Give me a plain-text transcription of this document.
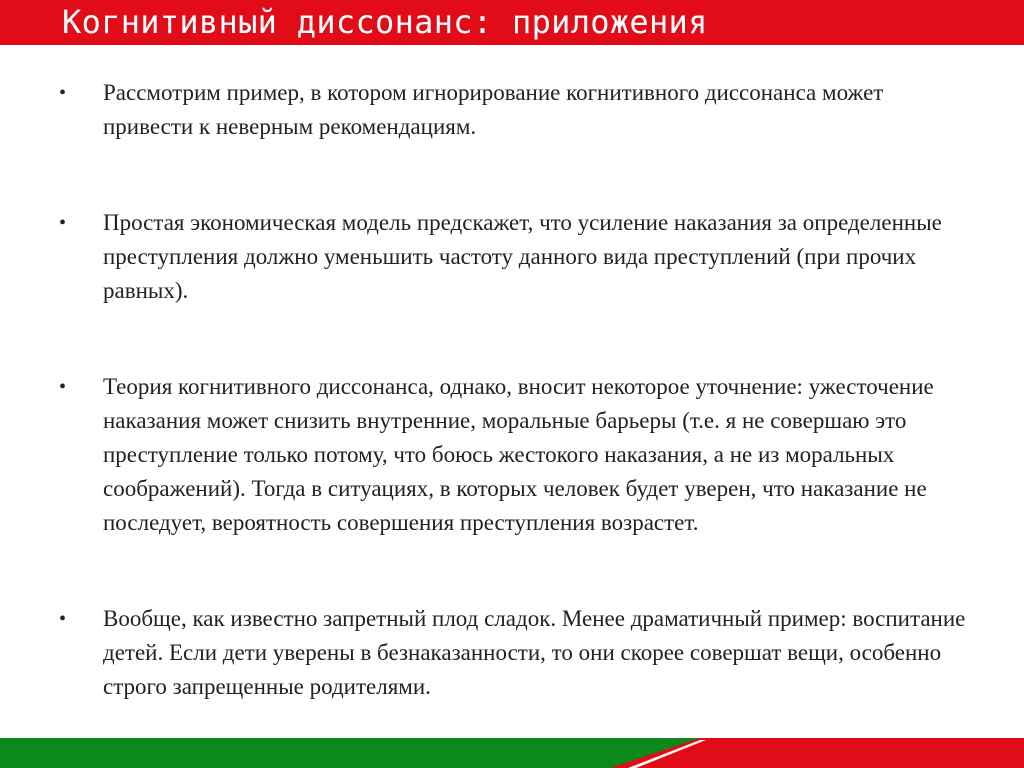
Когнитивный диссонанс: приложения
• Рассмотрим пример, в котором игнорирование когнитивного диссонанса может привести к неверным рекомендациям.
• Простая экономическая модель предскажет, что усиление наказания за определенные преступления должно уменьшить частоту данного вида преступлений (при прочих равных).
• Теория когнитивного диссонанса, однако, вносит некоторое уточнение: ужесточение наказания может снизить внутренние, моральные барьеры (т.е. я не совершаю это преступление только потому, что боюсь жестокого наказания, а не из моральных соображений). Тогда в ситуациях, в которых человек будет уверен, что наказание не последует, вероятность совершения преступления возрастет.
• Вообще, как известно запретный плод сладок. Менее драматичный пример: воспитание детей. Если дети уверены в безнаказанности, то они скорее совершат вещи, особенно строго запрещенные родителями.
